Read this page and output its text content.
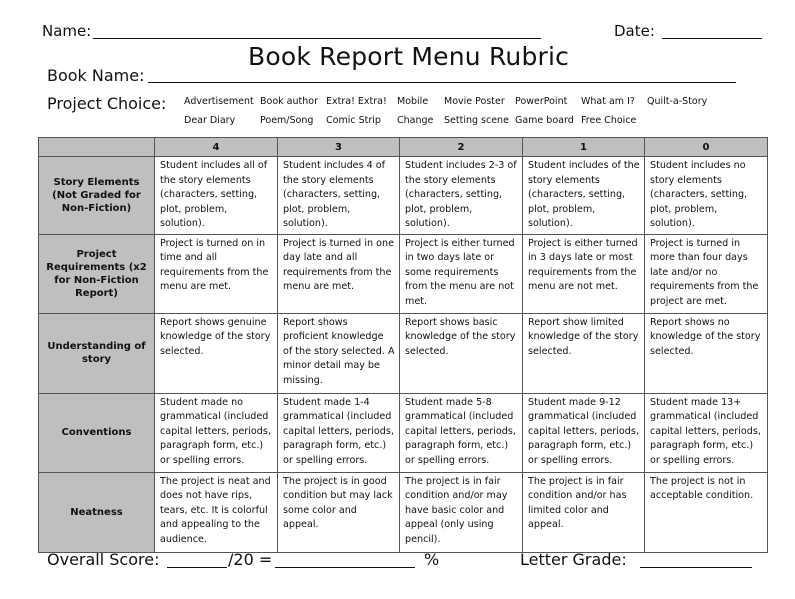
Name:	Date:
Book Report Menu Rubric
Book Name:
Project Choice: Advertisement Book author Extra! Extra! Mobile Movie Poster PowerPoint What am I? Quilt-a-Story
Dear Diary	Poem/Song Comic Strip Change Setting scene Game board Free Choice
	4	3	2	1	0
Story Elements (Not Graded for Non-Fiction)	Student includes all of the story elements (characters, setting, plot, problem, solution).	Student includes 4 of the story elements (characters, setting, plot, problem, solution).	Student includes 2-3 of the story elements (characters, setting, plot, problem, solution).	Student includes of the story elements (characters, setting, plot, problem, solution).	Student includes no story elements (characters, setting, plot, problem, solution).
Project Requirements (x2 for Non-Fiction Report)	Project is turned on in time and all requirements from the menu are met.	Project is turned in one day late and all requirements from the menu are met.	Project is either turned in two days late or some requirements from the menu are not met.	Project is either turned in 3 days late or most requirements from the menu are not met.	Project is turned in more than four days late and/or no requirements from the project are met.
Understanding of story	Report shows genuine knowledge of the story selected.	Report shows proficient knowledge of the story selected. A minor detail may be missing.	Report shows basic knowledge of the story selected.	Report show limited knowledge of the story selected.	Report shows no knowledge of the story selected.
Conventions	Student made no grammatical (included capital letters, periods, paragraph form, etc.) or spelling errors.	Student made 1-4 grammatical (included capital letters, periods, paragraph form, etc.) or spelling errors.	Student made 5-8 grammatical (included capital letters, periods, paragraph form, etc.) or spelling errors.	Student made 9-12 grammatical (included capital letters, periods, paragraph form, etc.) or spelling errors.	Student made 13+ grammatical (included capital letters, periods, paragraph form, etc.) or spelling errors.
Neatness	The project is neat and does not have rips, tears, etc. It is colorful and appealing to the audience.	The project is in good condition but may lack some color and appeal.	The project is in fair condition and/or may have basic color and appeal (only using pencil).	The project is in fair condition and/or has limited color and appeal.	The project is not in acceptable condition.
Overall Score:	/20 =	%	Letter Grade:
